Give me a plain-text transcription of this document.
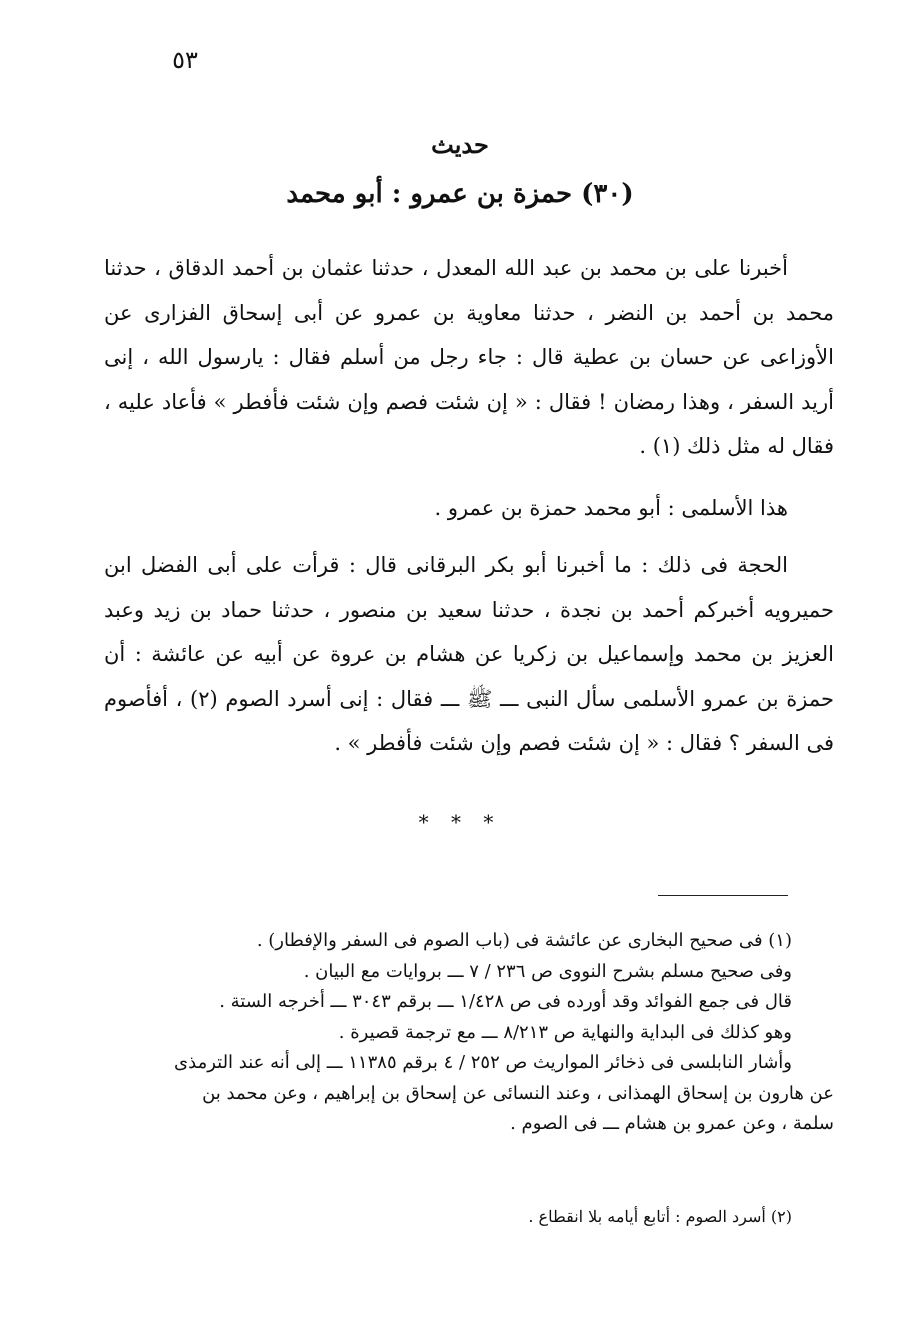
٥٣
حديث
(٣٠) حمزة بن عمرو : أبو محمد
أخبرنا على بن محمد بن عبد الله المعدل ، حدثنا عثمان بن أحمد الدقاق ، حدثنا محمد بن أحمد بن النضر ، حدثنا معاوية بن عمرو عن أبى إسحاق الفزارى عن الأوزاعى عن حسان بن عطية قال : جاء رجل من أسلم فقال : يارسول الله ، إنى أريد السفر ، وهذا رمضان ! فقال : « إن شئت فصم وإن شئت فأفطر » فأعاد عليه ، فقال له مثل ذلك (١) .
هذا الأسلمى : أبو محمد حمزة بن عمرو .
الحجة فى ذلك : ما أخبرنا أبو بكر البرقانى قال : قرأت على أبى الفضل ابن حميرويه أخبركم أحمد بن نجدة ، حدثنا سعيد بن منصور ، حدثنا حماد بن زيد وعبد العزيز بن محمد وإسماعيل بن زكريا عن هشام بن عروة عن أبيه عن عائشة : أن حمزة بن عمرو الأسلمى سأل النبى ـــ ﷺ ـــ فقال : إنى أسرد الصوم (٢) ، أفأصوم فى السفر ؟ فقال : « إن شئت فصم وإن شئت فأفطر » .
* * *
(١) فى صحيح البخارى عن عائشة فى (باب الصوم فى السفر والإفطار) .
وفى صحيح مسلم بشرح النووى ص ٢٣٦ / ٧ ـــ بروايات مع البيان .
قال فى جمع الفوائد وقد أورده فى ص ١/٤٢٨ ـــ برقم ٣٠٤٣ ـــ أخرجه الستة .
وهو كذلك فى البداية والنهاية ص ٨/٢١٣ ـــ مع ترجمة قصيرة .
وأشار النابلسى فى ذخائر المواريث ص ٢٥٢ / ٤ برقم ١١٣٨٥ ـــ إلى أنه عند الترمذى
عن هارون بن إسحاق الهمذانى ، وعند النسائى عن إسحاق بن إبراهيم ، وعن محمد بن
سلمة ، وعن عمرو بن هشام ـــ فى الصوم .
(٢) أسرد الصوم : أتابع أيامه بلا انقطاع .
